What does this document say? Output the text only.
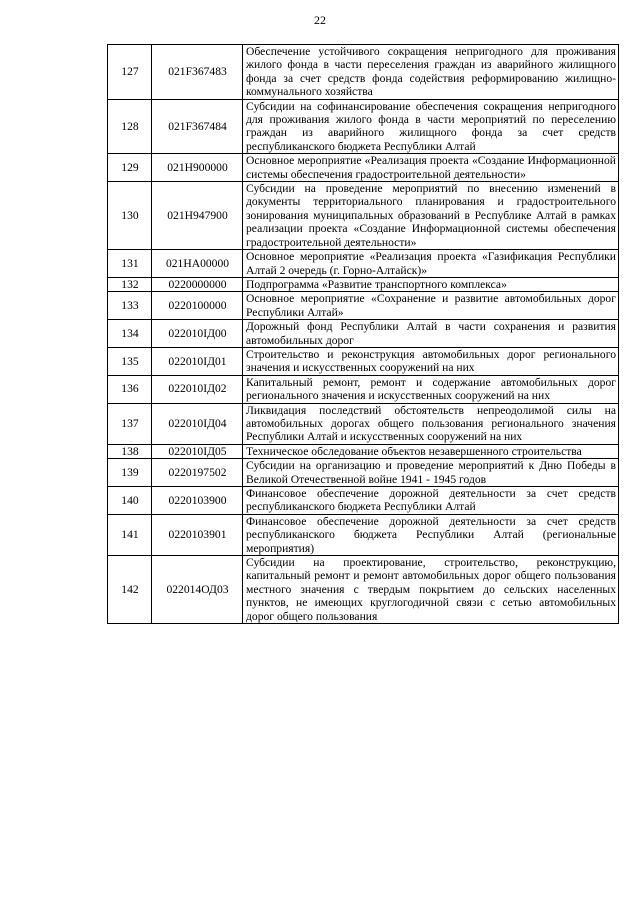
22
127	021F367483	Обеспечение устойчивого сокращения непригодного для проживания жилого фонда в части переселения граждан из аварийного жилищного фонда за счет средств фонда содействия реформированию жилищно-коммунального хозяйства
128	021F367484	Субсидии на софинансирование обеспечения сокращения непригодного для проживания жилого фонда в части мероприятий по переселению граждан из аварийного жилищного фонда за счет средств республиканского бюджета Республики Алтай
129	021Н900000	Основное мероприятие «Реализация проекта «Создание Информационной системы обеспечения градостроительной деятельности»
130	021Н947900	Субсидии на проведение мероприятий по внесению изменений в документы территориального планирования и градостроительного зонирования муниципальных образований в Республике Алтай в рамках реализации проекта «Создание Информационной системы обеспечения градостроительной деятельности»
131	021НА00000	Основное мероприятие «Реализация проекта «Газификация Республики Алтай 2 очередь (г. Горно-Алтайск)»
132	0220000000	Подпрограмма «Развитие транспортного комплекса»
133	0220100000	Основное мероприятие «Сохранение и развитие автомобильных дорог Республики Алтай»
134	022010IД00	Дорожный фонд Республики Алтай в части сохранения и развития автомобильных дорог
135	022010IД01	Строительство и реконструкция автомобильных дорог регионального значения и искусственных сооружений на них
136	022010IД02	Капитальный ремонт, ремонт и содержание автомобильных дорог регионального значения и искусственных сооружений на них
137	022010IД04	Ликвидация последствий обстоятельств непреодолимой силы на автомобильных дорогах общего пользования регионального значения Республики Алтай и искусственных сооружений на них
138	022010IД05	Техническое обследование объектов незавершенного строительства
139	0220197502	Субсидии на организацию и проведение мероприятий к Дню Победы в Великой Отечественной войне 1941 - 1945 годов
140	0220103900	Финансовое обеспечение дорожной деятельности за счет средств республиканского бюджета Республики Алтай
141	0220103901	Финансовое обеспечение дорожной деятельности за счет средств республиканского бюджета Республики Алтай (региональные мероприятия)
142	022014ОД03	Субсидии на проектирование, строительство, реконструкцию, капитальный ремонт и ремонт автомобильных дорог общего пользования местного значения с твердым покрытием до сельских населенных пунктов, не имеющих круглогодичной связи с сетью автомобильных дорог общего пользования
